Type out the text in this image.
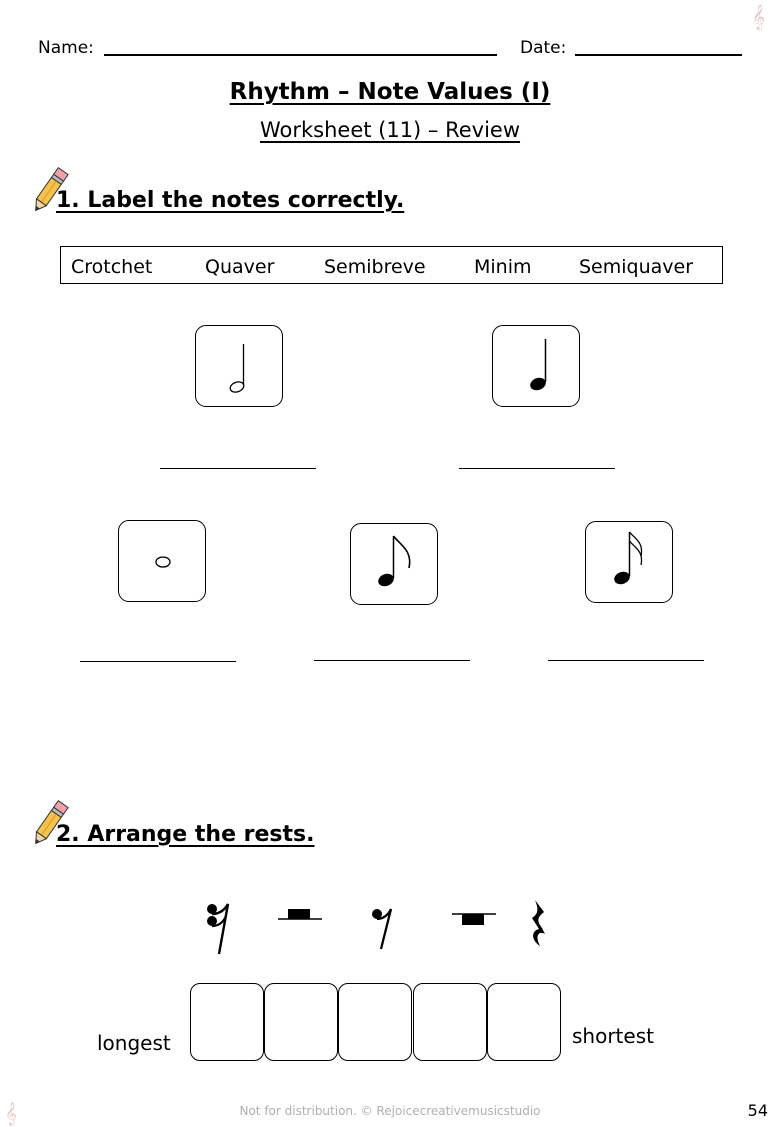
𝄞
𝄞
Name:	Date:
Rhythm – Note Values (I)
Worksheet (11) – Review
1. Label the notes correctly.
Crotchet	Quaver	Semibreve	Minim Semiquaver
2. Arrange the rests.
longest	shortest
Not for distribution. © Rejoicecreativemusicstudio	54
